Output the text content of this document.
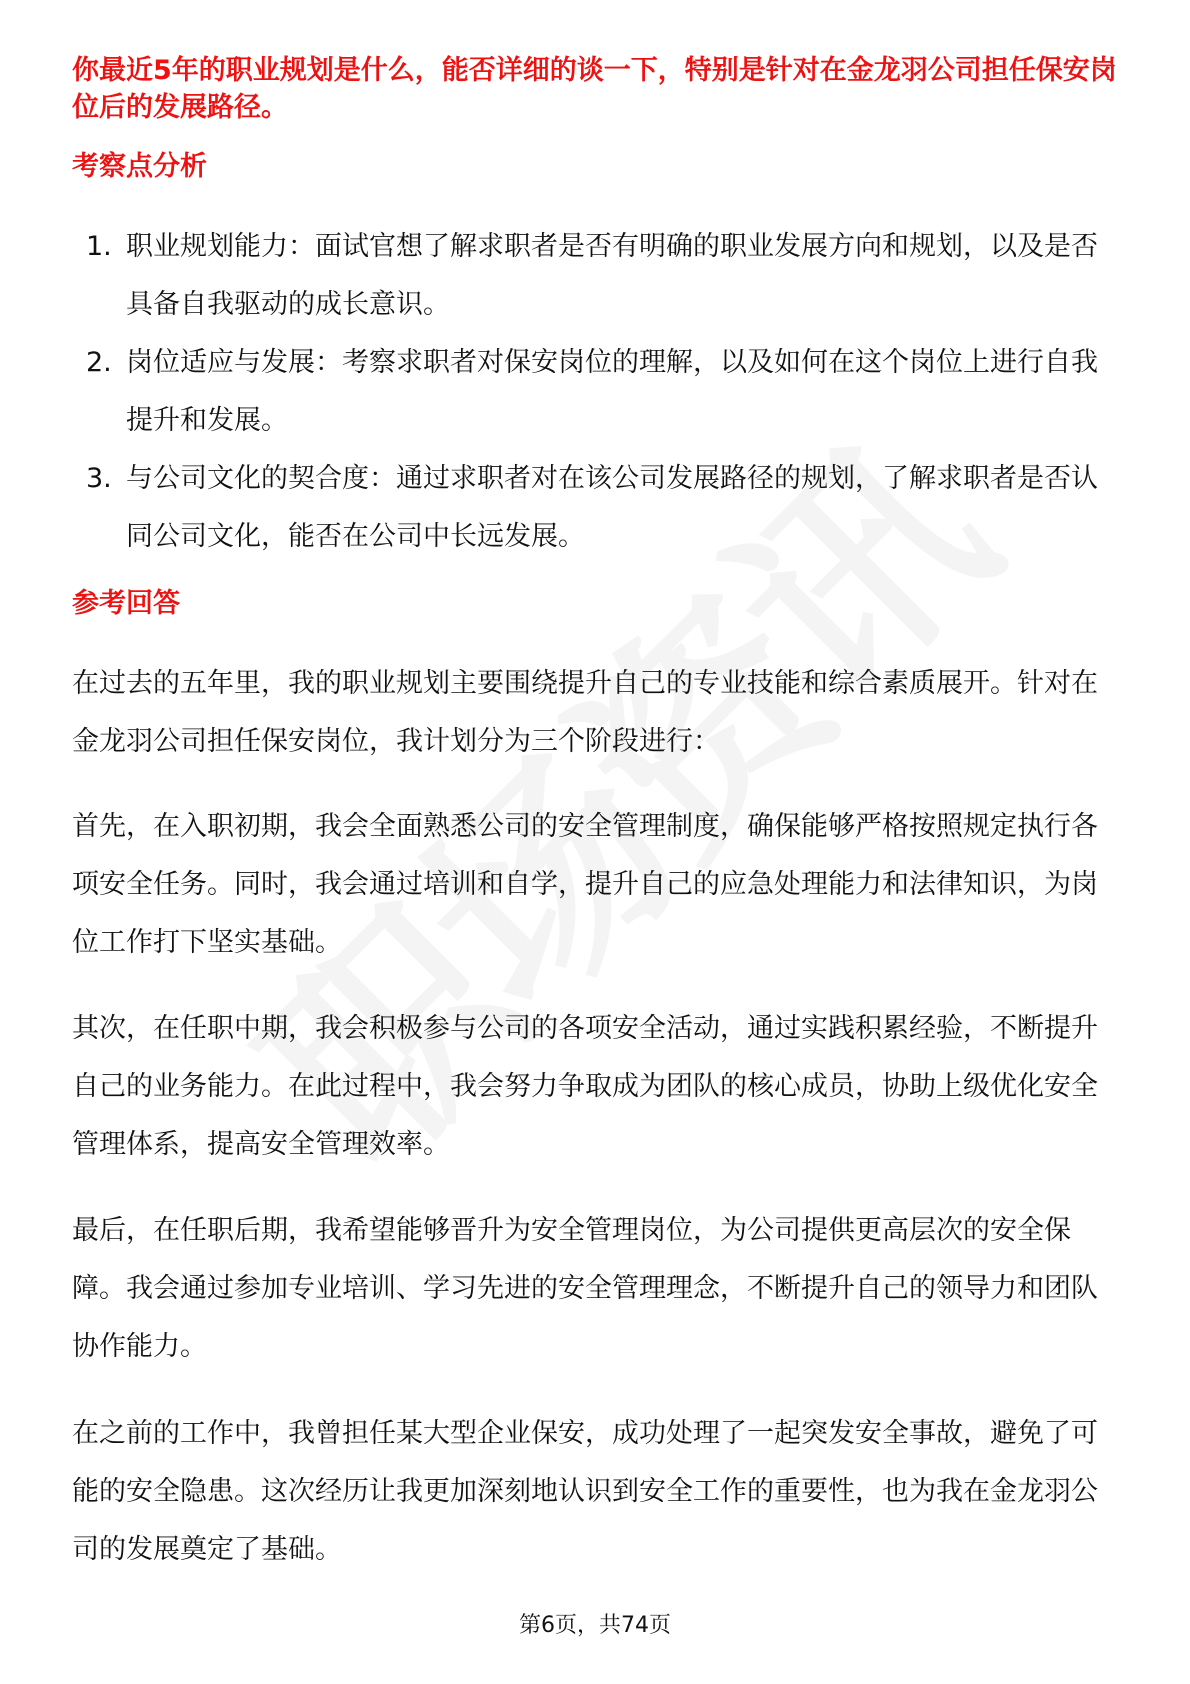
你最近5年的职业规划是什么，能否详细的谈一下，特别是针对在金龙羽公司担任保安岗位后的发展路径。
考察点分析
1. 职业规划能力：面试官想了解求职者是否有明确的职业发展方向和规划，以及是否具备自我驱动的成长意识。
2. 岗位适应与发展：考察求职者对保安岗位的理解，以及如何在这个岗位上进行自我提升和发展。
3. 与公司文化的契合度：通过求职者对在该公司发展路径的规划，了解求职者是否认同公司文化，能否在公司中长远发展。
参考回答

在过去的五年里，我的职业规划主要围绕提升自己的专业技能和综合素质展开。针对在金龙羽公司担任保安岗位，我计划分为三个阶段进行：

首先，在入职初期，我会全面熟悉公司的安全管理制度，确保能够严格按照规定执行各项安全任务。同时，我会通过培训和自学，提升自己的应急处理能力和法律知识，为岗位工作打下坚实基础。

其次，在任职中期，我会积极参与公司的各项安全活动，通过实践积累经验，不断提升自己的业务能力。在此过程中，我会努力争取成为团队的核心成员，协助上级优化安全管理体系，提高安全管理效率。

最后，在任职后期，我希望能够晋升为安全管理岗位，为公司提供更高层次的安全保障。我会通过参加专业培训、学习先进的安全管理理念，不断提升自己的领导力和团队协作能力。

在之前的工作中，我曾担任某大型企业保安，成功处理了一起突发安全事故，避免了可能的安全隐患。这次经历让我更加深刻地认识到安全工作的重要性，也为我在金龙羽公司的发展奠定了基础。

第6页，共74页
